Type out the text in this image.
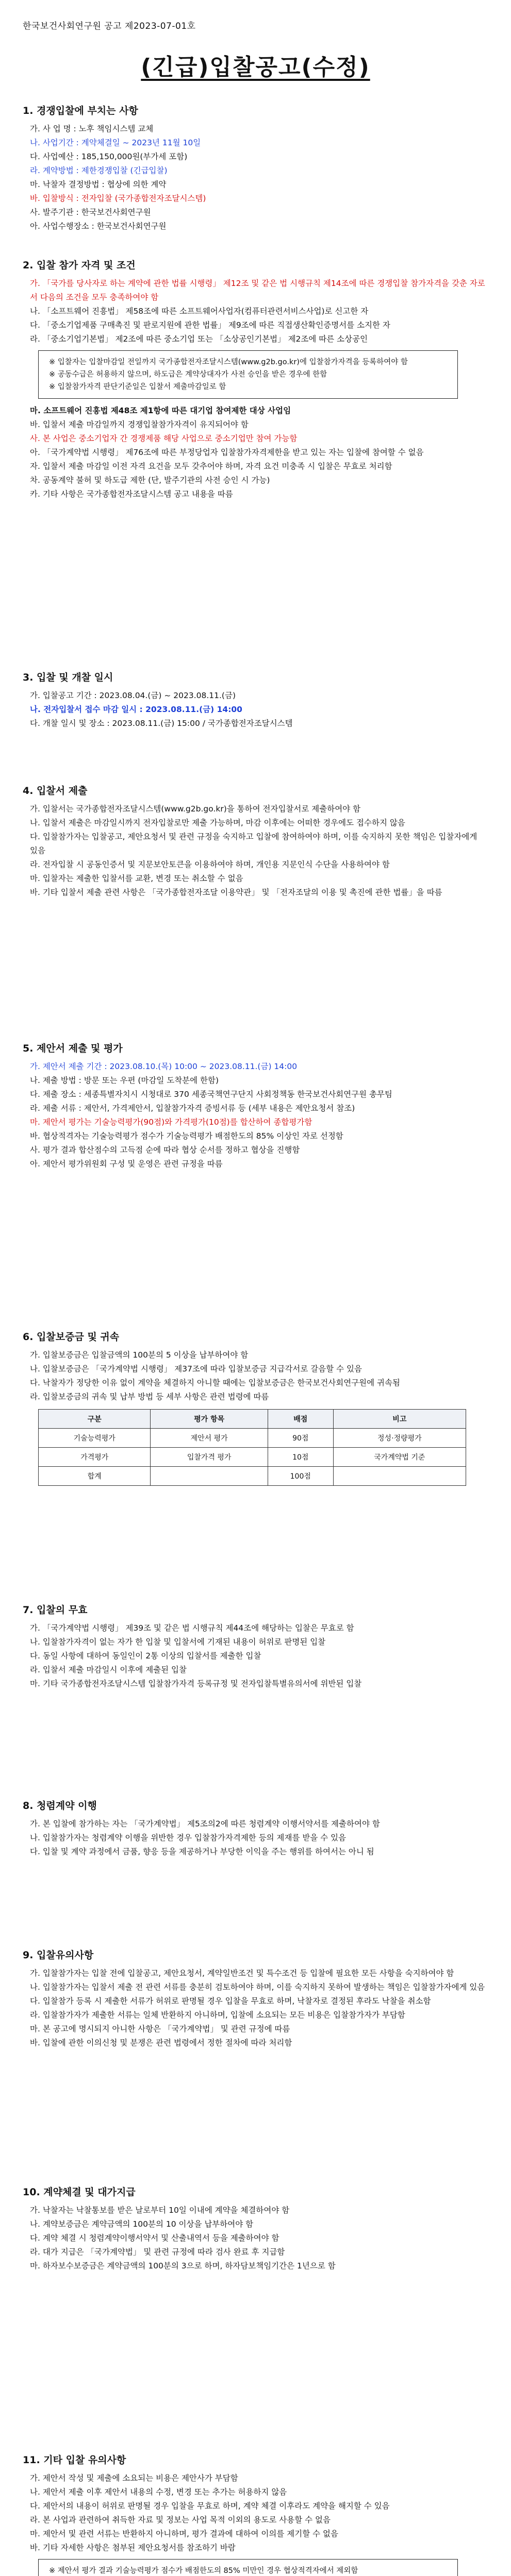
한국보건사회연구원 공고 제2023-07-01호
(긴급)입찰공고(수정)
1. 경쟁입찰에 부치는 사항

가. 사 업 명 : 노후 책임시스템 교체

나. 사업기간 : 계약체결일 ~ 2023년 11월 10일

다. 사업예산 : 185,150,000원(부가세 포함)

라. 계약방법 : 제한경쟁입찰 (긴급입찰)

마. 낙찰자 결정방법 : 협상에 의한 계약

바. 입찰방식 : 전자입찰 (국가종합전자조달시스템)

사. 발주기관 : 한국보건사회연구원

아. 사업수행장소 : 한국보건사회연구원

2. 입찰 참가 자격 및 조건

가. 「국가를 당사자로 하는 계약에 관한 법률 시행령」 제12조 및 같은 법 시행규칙 제14조에 따른 경쟁입찰 참가자격을 갖춘 자로서 다음의 조건을 모두 충족하여야 함

나. 「소프트웨어 진흥법」 제58조에 따른 소프트웨어사업자(컴퓨터관련서비스사업)로 신고한 자

다. 「중소기업제품 구매촉진 및 판로지원에 관한 법률」 제9조에 따른 직접생산확인증명서를 소지한 자

라. 「중소기업기본법」 제2조에 따른 중소기업 또는 「소상공인기본법」 제2조에 따른 소상공인

※ 입찰자는 입찰마감일 전일까지 국가종합전자조달시스템(www.g2b.go.kr)에 입찰참가자격을 등록하여야 함

※ 공동수급은 허용하지 않으며, 하도급은 계약상대자가 사전 승인을 받은 경우에 한함

※ 입찰참가자격 판단기준일은 입찰서 제출마감일로 함

마. 소프트웨어 진흥법 제48조 제1항에 따른 대기업 참여제한 대상 사업임

바. 입찰서 제출 마감일까지 경쟁입찰참가자격이 유지되어야 함

사. 본 사업은 중소기업자 간 경쟁제품 해당 사업으로 중소기업만 참여 가능함

아. 「국가계약법 시행령」 제76조에 따른 부정당업자 입찰참가자격제한을 받고 있는 자는 입찰에 참여할 수 없음

자. 입찰서 제출 마감일 이전 자격 요건을 모두 갖추어야 하며, 자격 요건 미충족 시 입찰은 무효로 처리함

차. 공동계약 불허 및 하도급 제한 (단, 발주기관의 사전 승인 시 가능)

카. 기타 사항은 국가종합전자조달시스템 공고 내용을 따름

3. 입찰 및 개찰 일시

가. 입찰공고 기간 : 2023.08.04.(금) ~ 2023.08.11.(금)

나. 전자입찰서 접수 마감 일시 : 2023.08.11.(금) 14:00

다. 개찰 일시 및 장소 : 2023.08.11.(금) 15:00 / 국가종합전자조달시스템

4. 입찰서 제출

가. 입찰서는 국가종합전자조달시스템(www.g2b.go.kr)을 통하여 전자입찰서로 제출하여야 함

나. 입찰서 제출은 마감일시까지 전자입찰로만 제출 가능하며, 마감 이후에는 어떠한 경우에도 접수하지 않음

다. 입찰참가자는 입찰공고, 제안요청서 및 관련 규정을 숙지하고 입찰에 참여하여야 하며, 이를 숙지하지 못한 책임은 입찰자에게 있음

라. 전자입찰 시 공동인증서 및 지문보안토큰을 이용하여야 하며, 개인용 지문인식 수단을 사용하여야 함

마. 입찰자는 제출한 입찰서를 교환, 변경 또는 취소할 수 없음

바. 기타 입찰서 제출 관련 사항은 「국가종합전자조달 이용약관」 및 「전자조달의 이용 및 촉진에 관한 법률」을 따름

5. 제안서 제출 및 평가

가. 제안서 제출 기간 : 2023.08.10.(목) 10:00 ~ 2023.08.11.(금) 14:00

나. 제출 방법 : 방문 또는 우편 (마감일 도착분에 한함)

다. 제출 장소 : 세종특별자치시 시청대로 370 세종국책연구단지 사회정책동 한국보건사회연구원 총무팀

라. 제출 서류 : 제안서, 가격제안서, 입찰참가자격 증빙서류 등 (세부 내용은 제안요청서 참조)

마. 제안서 평가는 기술능력평가(90점)와 가격평가(10점)를 합산하여 종합평가함

바. 협상적격자는 기술능력평가 점수가 기술능력평가 배점한도의 85% 이상인 자로 선정함

사. 평가 결과 합산점수의 고득점 순에 따라 협상 순서를 정하고 협상을 진행함

아. 제안서 평가위원회 구성 및 운영은 관련 규정을 따름

6. 입찰보증금 및 귀속

가. 입찰보증금은 입찰금액의 100분의 5 이상을 납부하여야 함

나. 입찰보증금은 「국가계약법 시행령」 제37조에 따라 입찰보증금 지급각서로 갈음할 수 있음

다. 낙찰자가 정당한 이유 없이 계약을 체결하지 아니할 때에는 입찰보증금은 한국보건사회연구원에 귀속됨

라. 입찰보증금의 귀속 및 납부 방법 등 세부 사항은 관련 법령에 따름

구분	평가 항목	배점	비고
기술능력평가	제안서 평가	90점	정성·정량평가
가격평가	입찰가격 평가	10점	국가계약법 기준
합계		100점	
7. 입찰의 무효

가. 「국가계약법 시행령」 제39조 및 같은 법 시행규칙 제44조에 해당하는 입찰은 무효로 함

나. 입찰참가자격이 없는 자가 한 입찰 및 입찰서에 기재된 내용이 허위로 판명된 입찰

다. 동일 사항에 대하여 동일인이 2통 이상의 입찰서를 제출한 입찰

라. 입찰서 제출 마감일시 이후에 제출된 입찰

마. 기타 국가종합전자조달시스템 입찰참가자격 등록규정 및 전자입찰특별유의서에 위반된 입찰

8. 청렴계약 이행

가. 본 입찰에 참가하는 자는 「국가계약법」 제5조의2에 따른 청렴계약 이행서약서를 제출하여야 함

나. 입찰참가자는 청렴계약 이행을 위반한 경우 입찰참가자격제한 등의 제재를 받을 수 있음

다. 입찰 및 계약 과정에서 금품, 향응 등을 제공하거나 부당한 이익을 주는 행위를 하여서는 아니 됨

9. 입찰유의사항

가. 입찰참가자는 입찰 전에 입찰공고, 제안요청서, 계약일반조건 및 특수조건 등 입찰에 필요한 모든 사항을 숙지하여야 함

나. 입찰참가자는 입찰서 제출 전 관련 서류를 충분히 검토하여야 하며, 이를 숙지하지 못하여 발생하는 책임은 입찰참가자에게 있음

다. 입찰참가 등록 시 제출한 서류가 허위로 판명될 경우 입찰을 무효로 하며, 낙찰자로 결정된 후라도 낙찰을 취소함

라. 입찰참가자가 제출한 서류는 일체 반환하지 아니하며, 입찰에 소요되는 모든 비용은 입찰참가자가 부담함

마. 본 공고에 명시되지 아니한 사항은 「국가계약법」 및 관련 규정에 따름

바. 입찰에 관한 이의신청 및 분쟁은 관련 법령에서 정한 절차에 따라 처리함

10. 계약체결 및 대가지급

가. 낙찰자는 낙찰통보를 받은 날로부터 10일 이내에 계약을 체결하여야 함

나. 계약보증금은 계약금액의 100분의 10 이상을 납부하여야 함

다. 계약 체결 시 청렴계약이행서약서 및 산출내역서 등을 제출하여야 함

라. 대가 지급은 「국가계약법」 및 관련 규정에 따라 검사 완료 후 지급함

마. 하자보수보증금은 계약금액의 100분의 3으로 하며, 하자담보책임기간은 1년으로 함

11. 기타 입찰 유의사항

가. 제안서 작성 및 제출에 소요되는 비용은 제안사가 부담함

나. 제안서 제출 이후 제안서 내용의 수정, 변경 또는 추가는 허용하지 않음

다. 제안서의 내용이 허위로 판명될 경우 입찰을 무효로 하며, 계약 체결 이후라도 계약을 해지할 수 있음

라. 본 사업과 관련하여 취득한 자료 및 정보는 사업 목적 이외의 용도로 사용할 수 없음

마. 제안서 및 관련 서류는 반환하지 아니하며, 평가 결과에 대하여 이의를 제기할 수 없음

바. 기타 자세한 사항은 첨부된 제안요청서를 참조하기 바람

※ 제안서 평가 결과 기술능력평가 점수가 배점한도의 85% 미만인 경우 협상적격자에서 제외함
